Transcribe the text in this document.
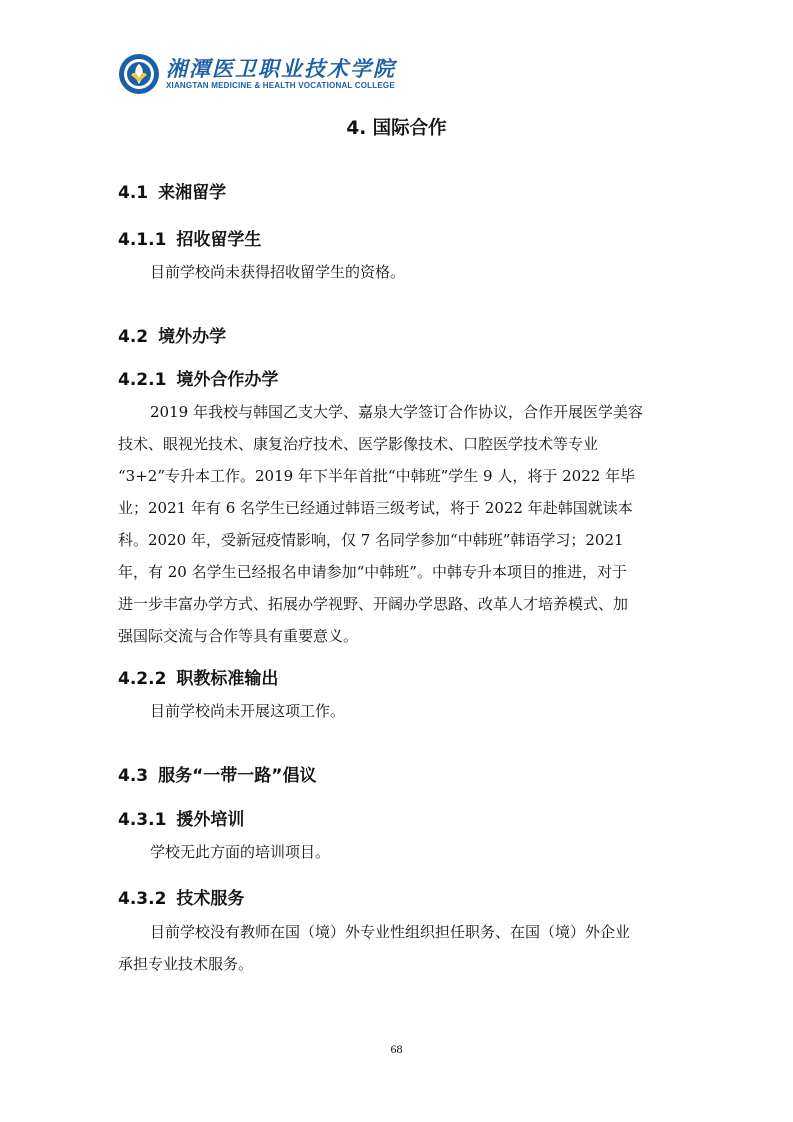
湘潭医卫职业技术学院
XIANGTAN MEDICINE & HEALTH VOCATIONAL COLLEGE
4. 国际合作
4.1 来湘留学
4.1.1 招收留学生
目前学校尚未获得招收留学生的资格。
4.2 境外办学
4.2.1 境外合作办学
2019 年我校与韩国乙支大学、嘉泉大学签订合作协议，合作开展医学美容
技术、眼视光技术、康复治疗技术、医学影像技术、口腔医学技术等专业
“3+2”专升本工作。2019 年下半年首批“中韩班”学生 9 人，将于 2022 年毕
业；2021 年有 6 名学生已经通过韩语三级考试，将于 2022 年赴韩国就读本
科。2020 年，受新冠疫情影响，仅 7 名同学参加“中韩班”韩语学习；2021
年，有 20 名学生已经报名申请参加“中韩班”。中韩专升本项目的推进，对于
进一步丰富办学方式、拓展办学视野、开阔办学思路、改革人才培养模式、加
强国际交流与合作等具有重要意义。
4.2.2 职教标准输出
目前学校尚未开展这项工作。
4.3 服务“一带一路”倡议
4.3.1 援外培训
学校无此方面的培训项目。
4.3.2 技术服务
目前学校没有教师在国（境）外专业性组织担任职务、在国（境）外企业
承担专业技术服务。
68
